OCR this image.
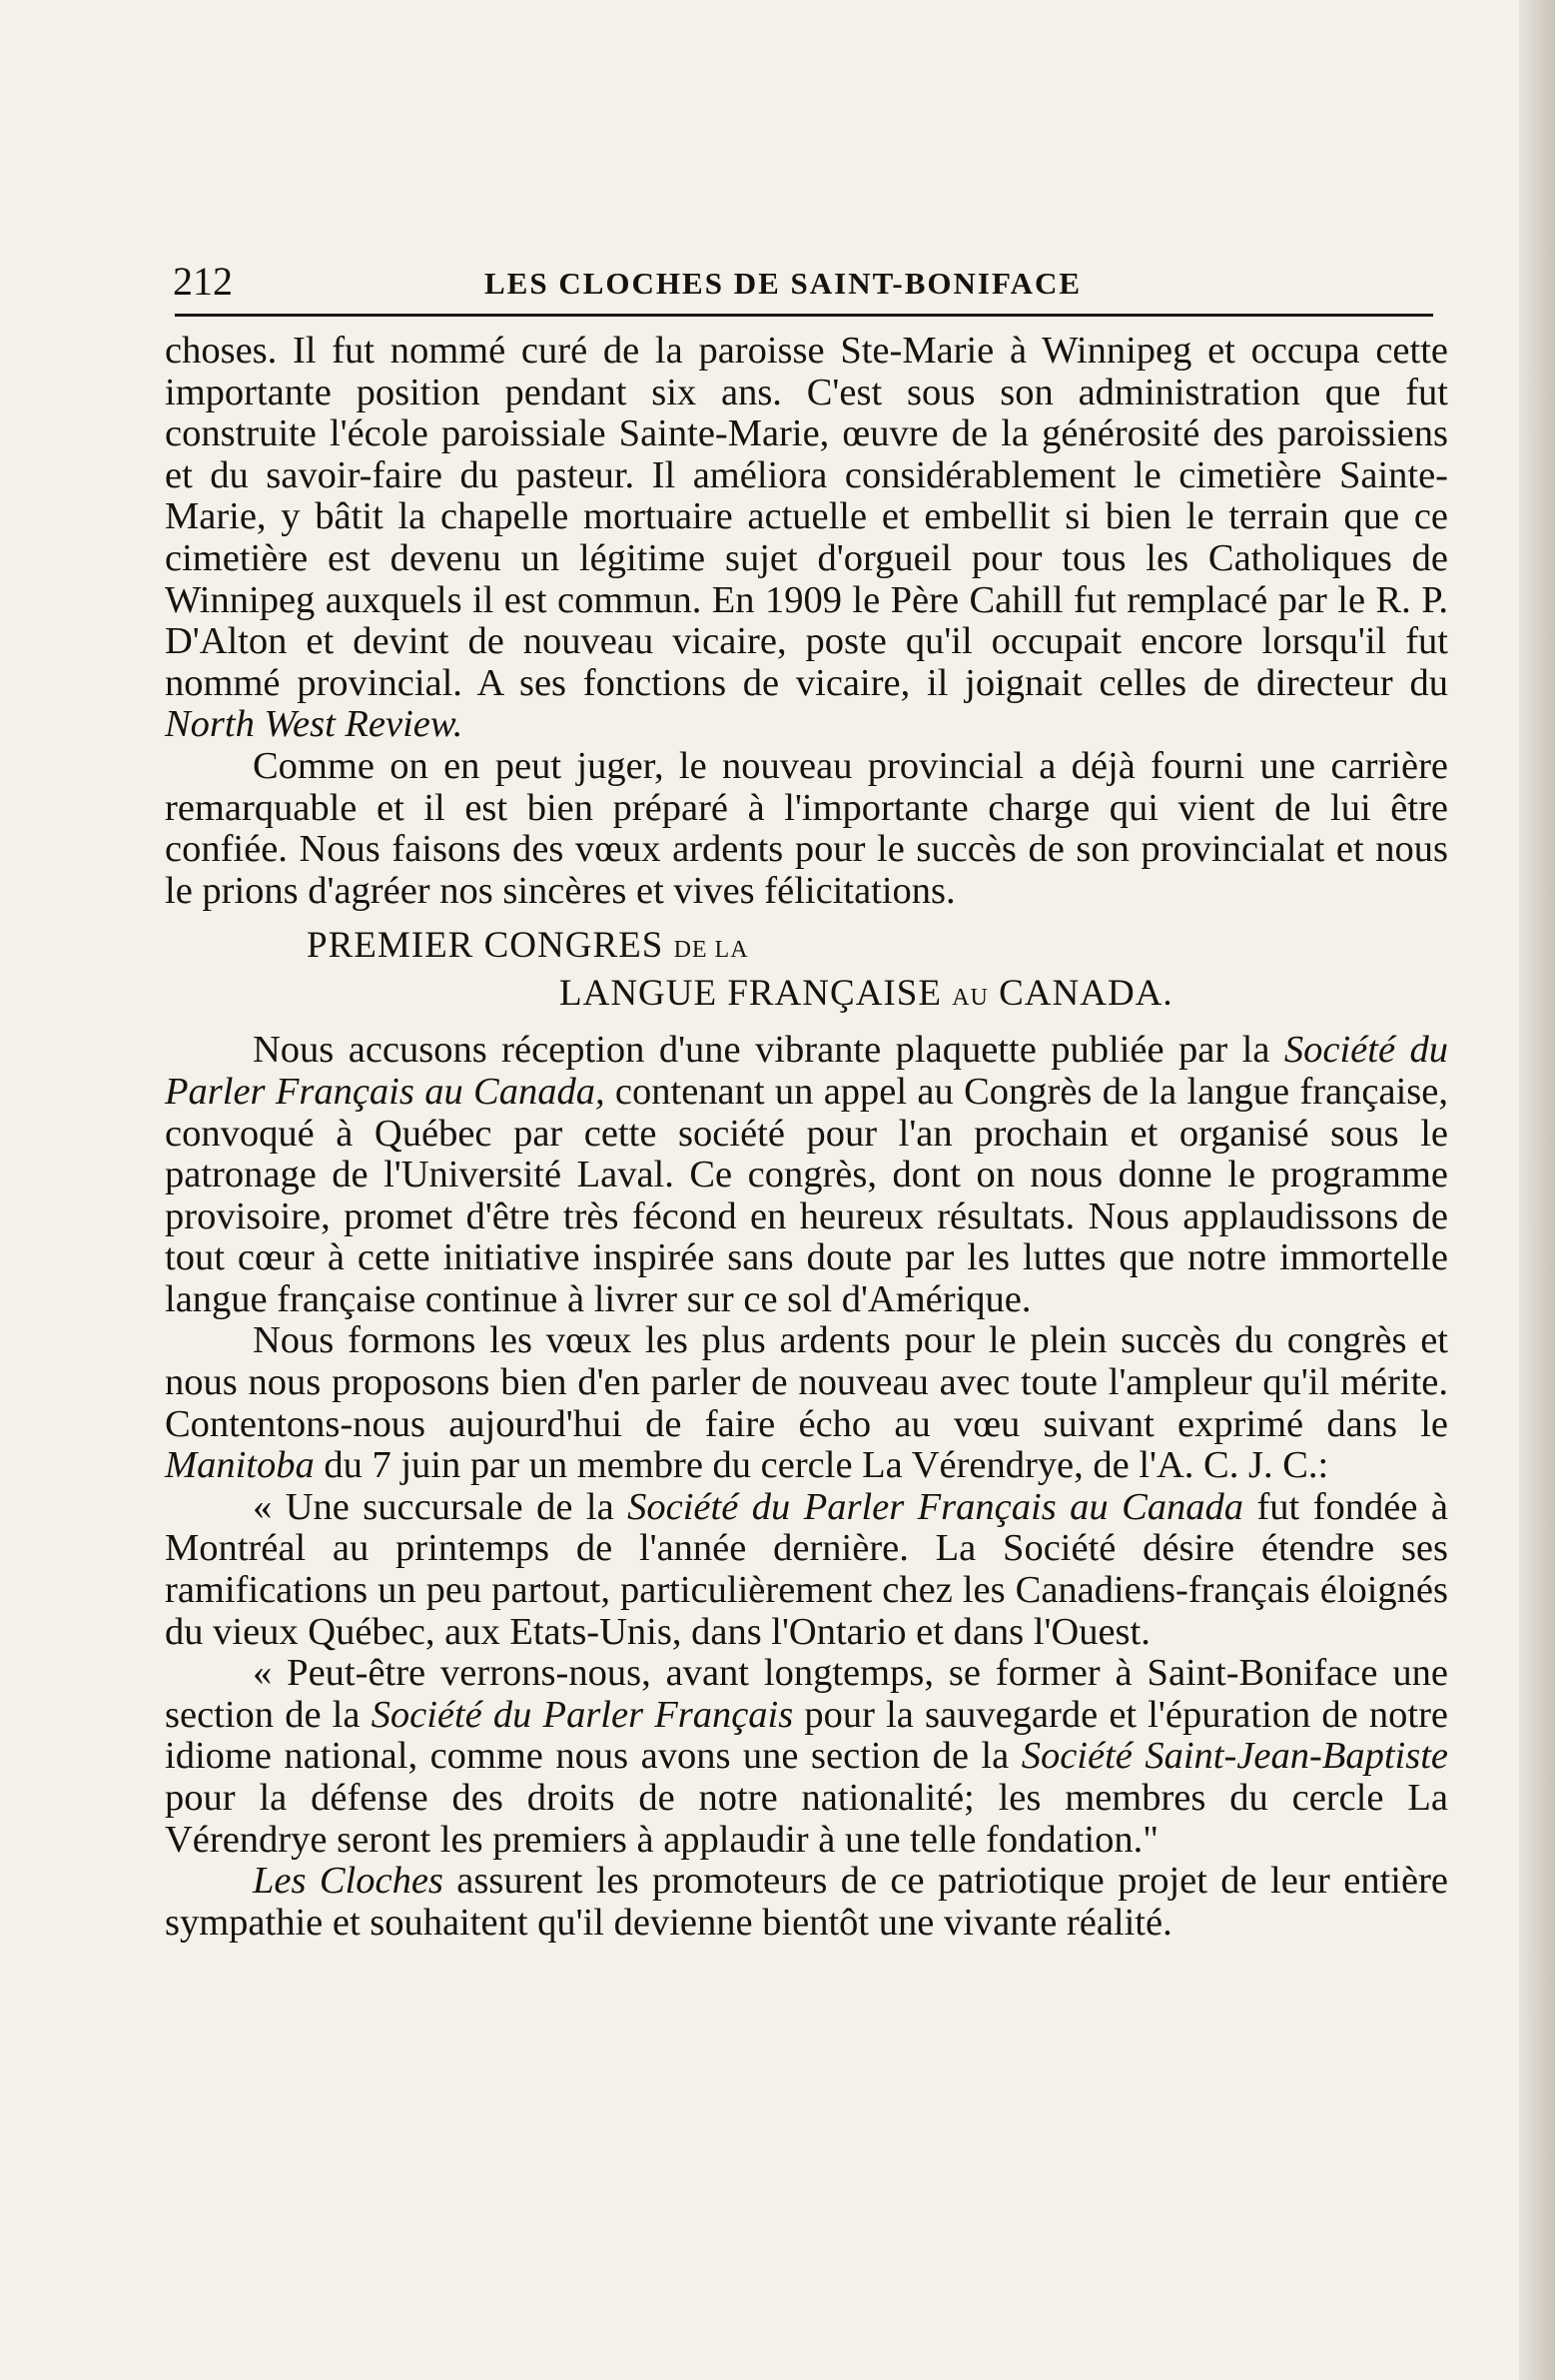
212	LES CLOCHES DE SAINT-BONIFACE

choses. Il fut nommé curé de la paroisse Ste-Marie à Winnipeg et occupa cette importante position pendant six ans. C'est sous son administration que fut construite l'école paroissiale Sainte-Marie, œuvre de la générosité des paroissiens et du savoir-faire du pasteur. Il améliora considérablement le cimetière Sainte-Marie, y bâtit la chapelle mortuaire actuelle et embellit si bien le terrain que ce cimetière est devenu un légitime sujet d'orgueil pour tous les Catholiques de Winnipeg auxquels il est commun. En 1909 le Père Cahill fut remplacé par le R. P. D'Alton et devint de nouveau vicaire, poste qu'il occupait encore lorsqu'il fut nommé provincial. A ses fonctions de vicaire, il joignait celles de directeur du North West Review.

Comme on en peut juger, le nouveau provincial a déjà fourni une carrière remarquable et il est bien préparé à l'importante charge qui vient de lui être confiée. Nous faisons des vœux ardents pour le succès de son provincialat et nous le prions d'agréer nos sincères et vives félicitations.

PREMIER CONGRES DE LA
LANGUE FRANÇAISE AU CANADA.

Nous accusons réception d'une vibrante plaquette publiée par la Société du Parler Français au Canada, contenant un appel au Congrès de la langue française, convoqué à Québec par cette société pour l'an prochain et organisé sous le patronage de l'Université Laval. Ce congrès, dont on nous donne le programme provisoire, promet d'être très fécond en heureux résultats. Nous applaudissons de tout cœur à cette initiative inspirée sans doute par les luttes que notre immortelle langue française continue à livrer sur ce sol d'Amérique.

Nous formons les vœux les plus ardents pour le plein succès du congrès et nous nous proposons bien d'en parler de nouveau avec toute l'ampleur qu'il mérite. Contentons-nous aujourd'hui de faire écho au vœu suivant exprimé dans le Manitoba du 7 juin par un membre du cercle La Vérendrye, de l'A. C. J. C.:

« Une succursale de la Société du Parler Français au Canada fut fondée à Montréal au printemps de l'année dernière. La Société désire étendre ses ramifications un peu partout, particulièrement chez les Canadiens-français éloignés du vieux Québec, aux Etats-Unis, dans l'Ontario et dans l'Ouest.

« Peut-être verrons-nous, avant longtemps, se former à Saint-Boniface une section de la Société du Parler Français pour la sauvegarde et l'épuration de notre idiome national, comme nous avons une section de la Société Saint-Jean-Baptiste pour la défense des droits de notre nationalité; les membres du cercle La Vérendrye seront les premiers à applaudir à une telle fondation."

Les Cloches assurent les promoteurs de ce patriotique projet de leur entière sympathie et souhaitent qu'il devienne bientôt une vivante réalité.
